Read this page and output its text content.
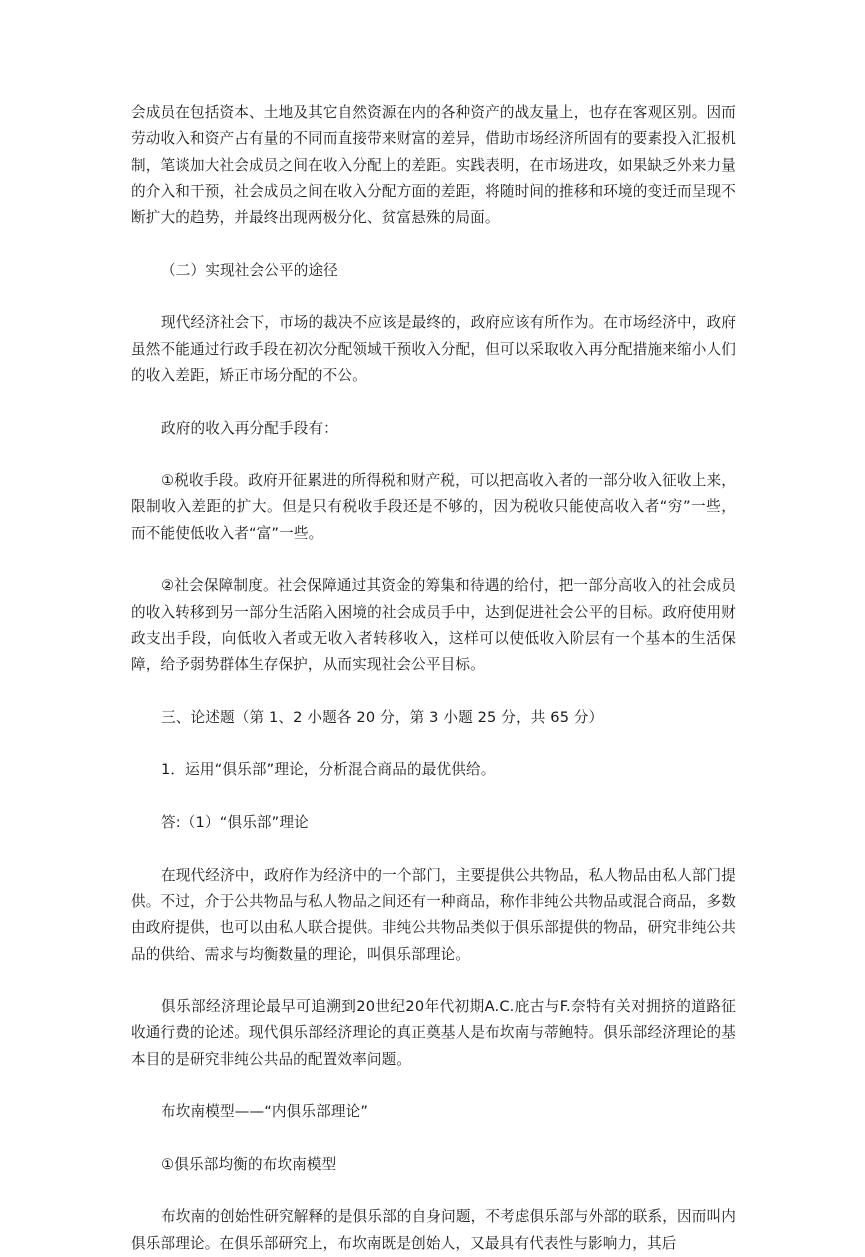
会成员在包括资本、土地及其它自然资源在内的各种资产的战友量上，也存在客观区别。因而劳动收入和资产占有量的不同而直接带来财富的差异，借助市场经济所固有的要素投入汇报机制，笔谈加大社会成员之间在收入分配上的差距。实践表明，在市场进攻，如果缺乏外来力量的介入和干预，社会成员之间在收入分配方面的差距，将随时间的推移和环境的变迁而呈现不断扩大的趋势，并最终出现两极分化、贫富悬殊的局面。

（二）实现社会公平的途径

现代经济社会下，市场的裁决不应该是最终的，政府应该有所作为。在市场经济中，政府虽然不能通过行政手段在初次分配领域干预收入分配，但可以采取收入再分配措施来缩小人们的收入差距，矫正市场分配的不公。

政府的收入再分配手段有：

①税收手段。政府开征累进的所得税和财产税，可以把高收入者的一部分收入征收上来，限制收入差距的扩大。但是只有税收手段还是不够的，因为税收只能使高收入者“穷”一些，而不能使低收入者“富”一些。

②社会保障制度。社会保障通过其资金的筹集和待遇的给付，把一部分高收入的社会成员的收入转移到另一部分生活陷入困境的社会成员手中，达到促进社会公平的目标。政府使用财政支出手段，向低收入者或无收入者转移收入，这样可以使低收入阶层有一个基本的生活保障，给予弱势群体生存保护，从而实现社会公平目标。

三、论述题（第 1、2 小题各 20 分，第 3 小题 25 分，共 65 分）

1．运用“俱乐部”理论，分析混合商品的最优供给。

答:（1）“俱乐部”理论

在现代经济中，政府作为经济中的一个部门，主要提供公共物品，私人物品由私人部门提供。不过，介于公共物品与私人物品之间还有一种商品，称作非纯公共物品或混合商品，多数由政府提供，也可以由私人联合提供。非纯公共物品类似于俱乐部提供的物品，研究非纯公共品的供给、需求与均衡数量的理论，叫俱乐部理论。

俱乐部经济理论最早可追溯到20世纪20年代初期A.C.庇古与F.奈特有关对拥挤的道路征收通行费的论述。现代俱乐部经济理论的真正奠基人是布坎南与蒂鲍特。俱乐部经济理论的基本目的是研究非纯公共品的配置效率问题。

布坎南模型——“内俱乐部理论”

①俱乐部均衡的布坎南模型

布坎南的创始性研究解释的是俱乐部的自身问题，不考虑俱乐部与外部的联系，因而叫内俱乐部理论。在俱乐部研究上，布坎南既是创始人，又最具有代表性与影响力，其后
